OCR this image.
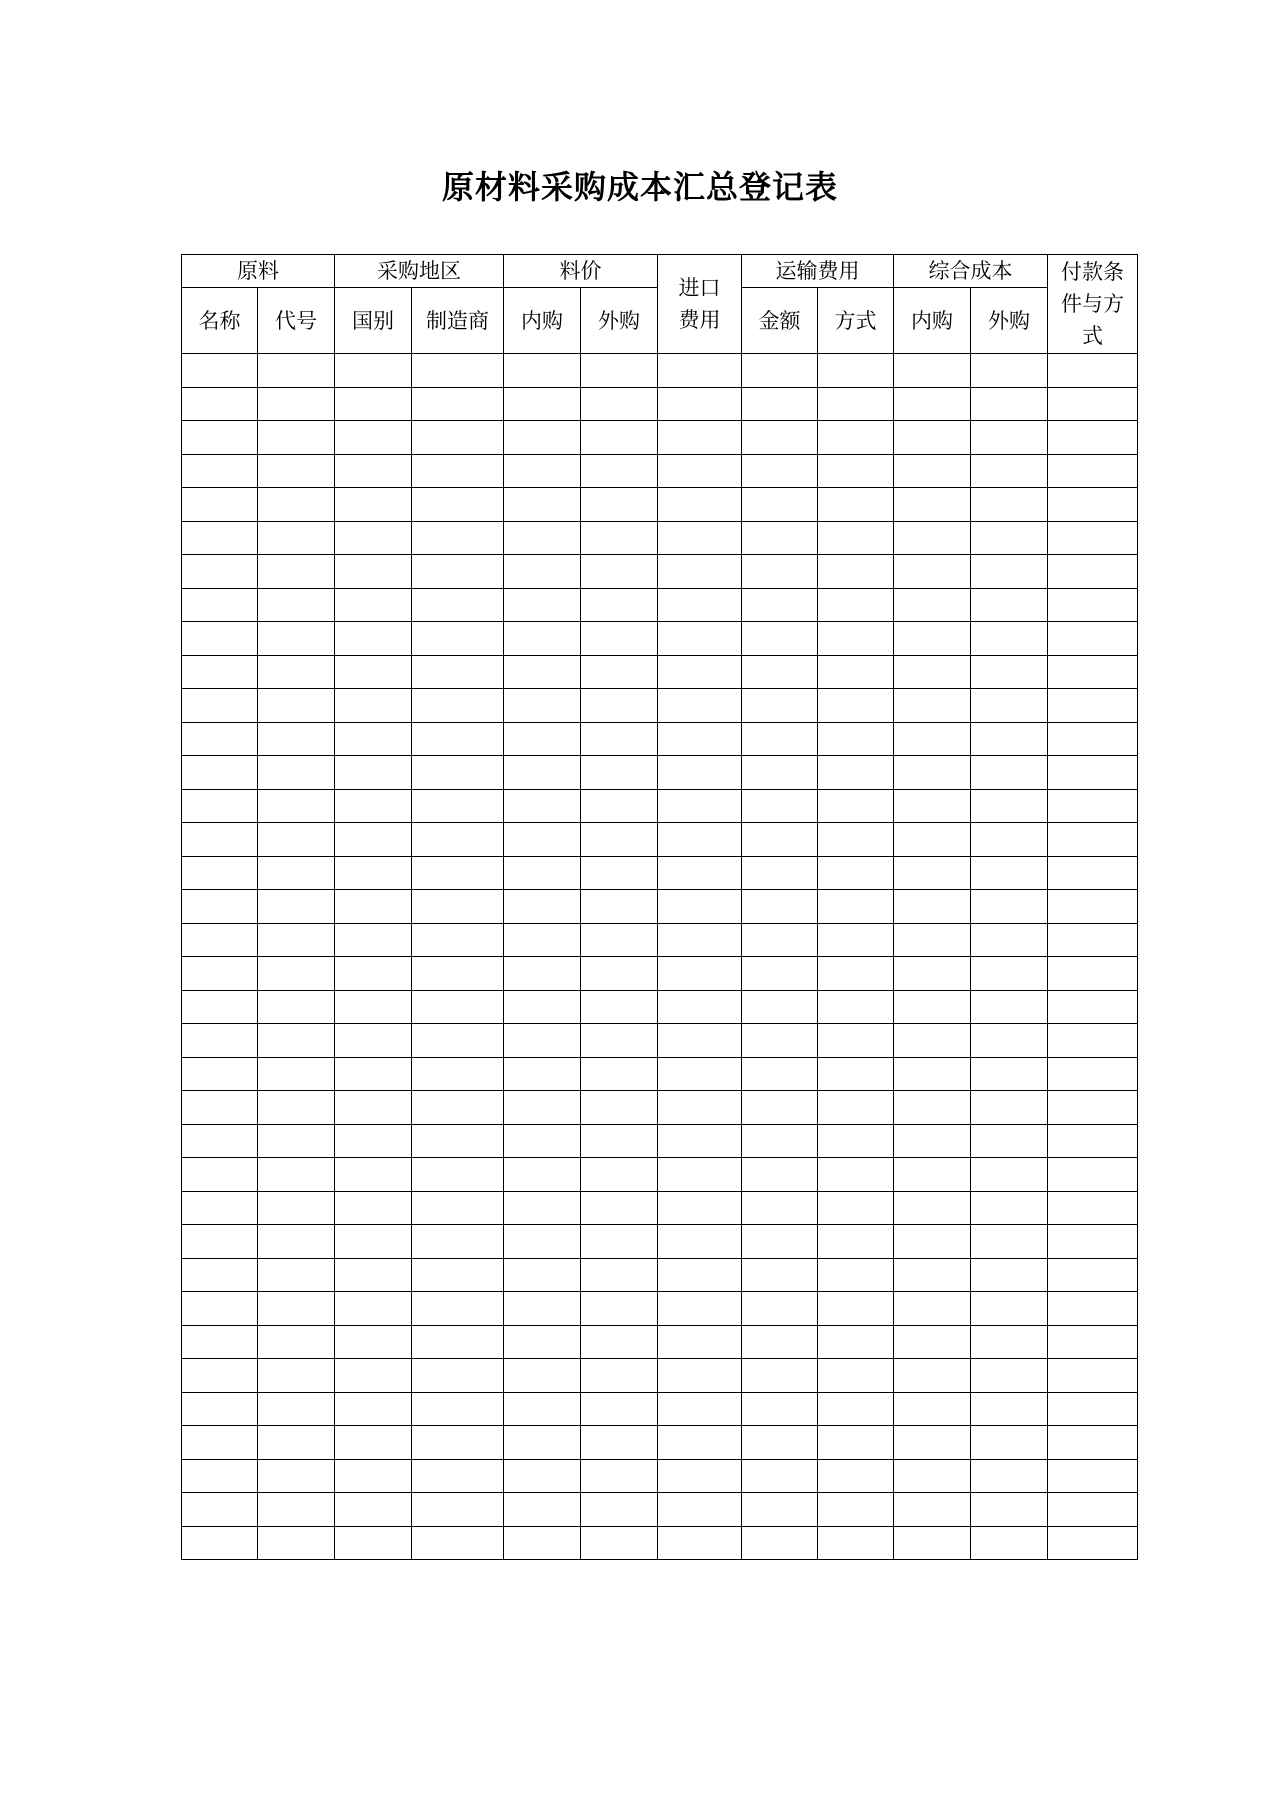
原材料采购成本汇总登记表
原料		采购地区		料价		进口费用	运输费用		综合成本		付款条件与方式

名称	代号	国别	制造商	内购	外购		金额	方式	内购	外购	
